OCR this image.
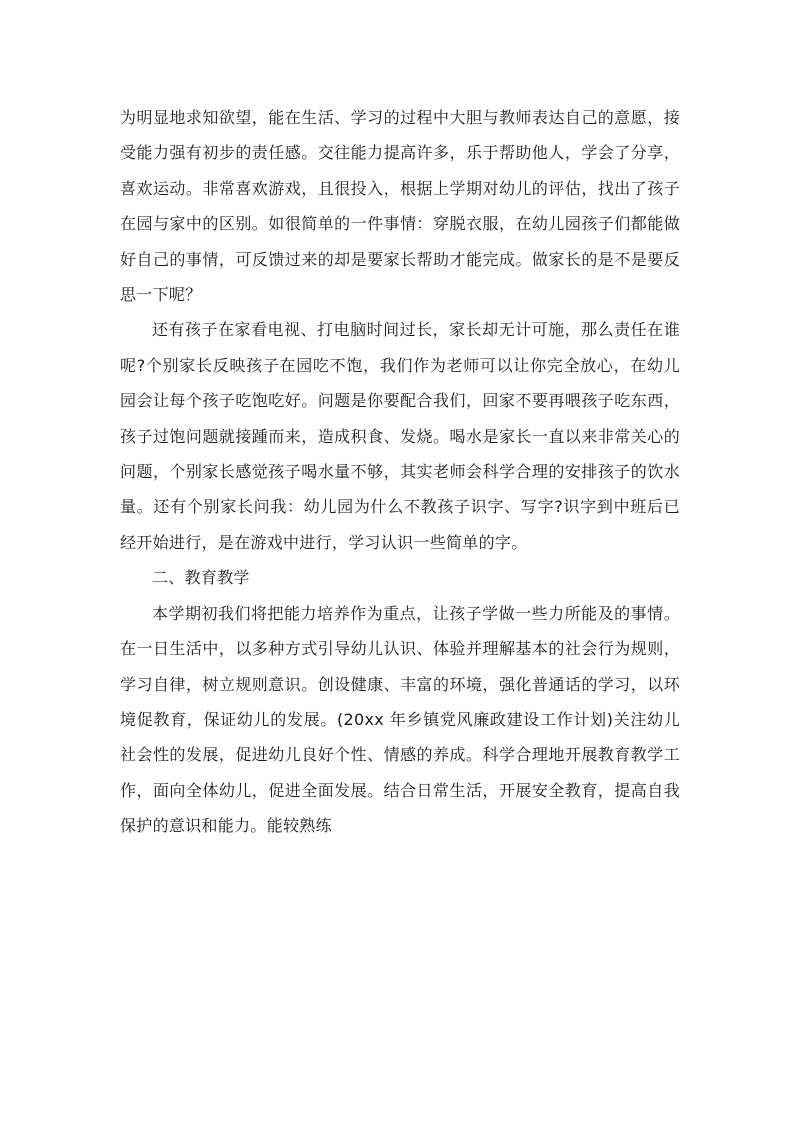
为明显地求知欲望，能在生活、学习的过程中大胆与教师表达自己的意愿，接受能力强有初步的责任感。交往能力提高许多，乐于帮助他人，学会了分享，喜欢运动。非常喜欢游戏，且很投入，根据上学期对幼儿的评估，找出了孩子在园与家中的区别。如很简单的一件事情：穿脱衣服，在幼儿园孩子们都能做好自己的事情，可反馈过来的却是要家长帮助才能完成。做家长的是不是要反思一下呢？

还有孩子在家看电视、打电脑时间过长，家长却无计可施，那么责任在谁呢?个别家长反映孩子在园吃不饱，我们作为老师可以让你完全放心，在幼儿园会让每个孩子吃饱吃好。问题是你要配合我们，回家不要再喂孩子吃东西，孩子过饱问题就接踵而来，造成积食、发烧。喝水是家长一直以来非常关心的问题，个别家长感觉孩子喝水量不够，其实老师会科学合理的安排孩子的饮水量。还有个别家长问我：幼儿园为什么不教孩子识字、写字?识字到中班后已经开始进行，是在游戏中进行，学习认识一些简单的字。

二、教育教学

本学期初我们将把能力培养作为重点，让孩子学做一些力所能及的事情。在一日生活中，以多种方式引导幼儿认识、体验并理解基本的社会行为规则，学习自律，树立规则意识。创设健康、丰富的环境，强化普通话的学习，以环境促教育，保证幼儿的发展。(20xx 年乡镇党风廉政建设工作计划)关注幼儿社会性的发展，促进幼儿良好个性、情感的养成。科学合理地开展教育教学工作，面向全体幼儿，促进全面发展。结合日常生活，开展安全教育，提高自我保护的意识和能力。能较熟练
